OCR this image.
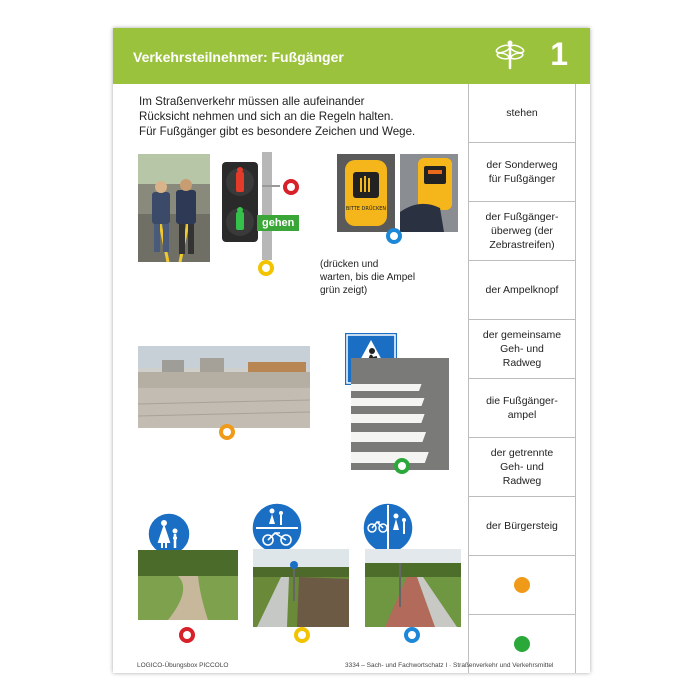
Verkehrsteilnehmer: Fußgänger	1
Im Straßenverkehr müssen alle aufeinander
Rücksicht nehmen und sich an die Regeln halten.
Für Fußgänger gibt es besondere Zeichen und Wege.
gehen
BITTE DRÜCKEN
(drücken und
warten, bis die Ampel
grün zeigt)
stehen
der Sonderweg
für Fußgänger
der Fußgänger-
überweg (der
Zebrastreifen)
der Ampelknopf
der gemeinsame
Geh- und
Radweg
die Fußgänger-
ampel
der getrennte
Geh- und
Radweg
der Bürgersteig
LOGICO-Übungsbox PICCOLO	3334 – Sach- und Fachwortschatz I · Straßenverkehr und Verkehrsmittel
